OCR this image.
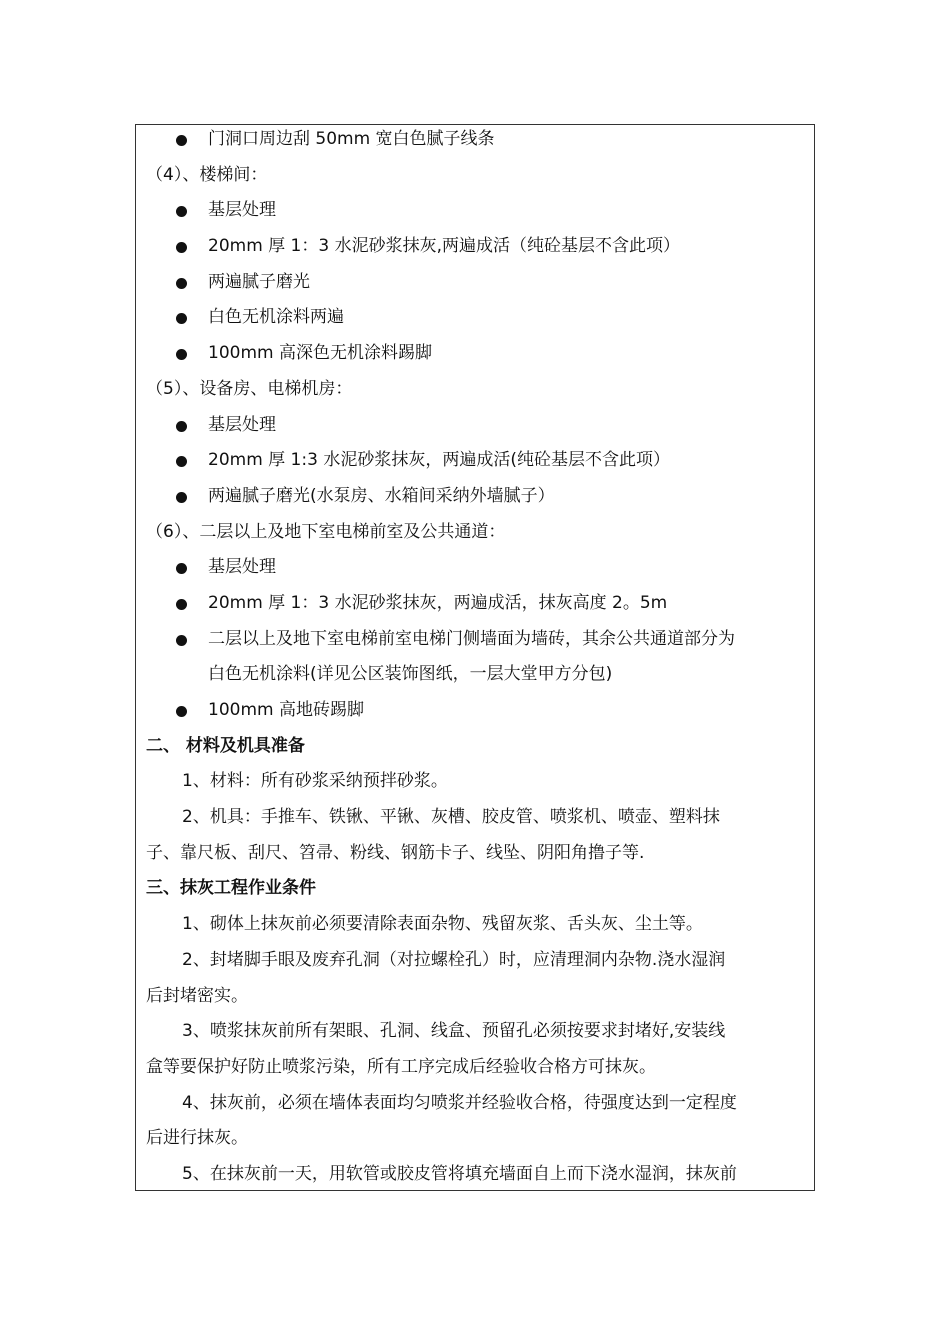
门洞口周边刮 50mm 宽白色腻子线条
（4）、楼梯间：
基层处理
20mm 厚 1：3 水泥砂浆抹灰,两遍成活（纯砼基层不含此项）
两遍腻子磨光
白色无机涂料两遍
100mm 高深色无机涂料踢脚
（5）、设备房、电梯机房：
基层处理
20mm 厚 1:3 水泥砂浆抹灰，两遍成活(纯砼基层不含此项）
两遍腻子磨光(水泵房、水箱间采纳外墙腻子）
（6）、二层以上及地下室电梯前室及公共通道：
基层处理
20mm 厚 1：3 水泥砂浆抹灰，两遍成活，抹灰高度 2。5m
二层以上及地下室电梯前室电梯门侧墙面为墙砖，其余公共通道部分为
白色无机涂料(详见公区装饰图纸，一层大堂甲方分包)
100mm 高地砖踢脚
二、 材料及机具准备
1、材料：所有砂浆采纳预拌砂浆。
2、机具：手推车、铁锹、平锹、灰槽、胶皮管、喷浆机、喷壶、塑料抹
子、靠尺板、刮尺、笤帚、粉线、钢筋卡子、线坠、阴阳角撸子等.
三、抹灰工程作业条件
1、砌体上抹灰前必须要清除表面杂物、残留灰浆、舌头灰、尘土等。
2、封堵脚手眼及废弃孔洞（对拉螺栓孔）时，应清理洞内杂物.浇水湿润
后封堵密实。
3、喷浆抹灰前所有架眼、孔洞、线盒、预留孔必须按要求封堵好,安装线
盒等要保护好防止喷浆污染，所有工序完成后经验收合格方可抹灰。
4、抹灰前，必须在墙体表面均匀喷浆并经验收合格，待强度达到一定程度
后进行抹灰。
5、在抹灰前一天，用软管或胶皮管将填充墙面自上而下浇水湿润，抹灰前
